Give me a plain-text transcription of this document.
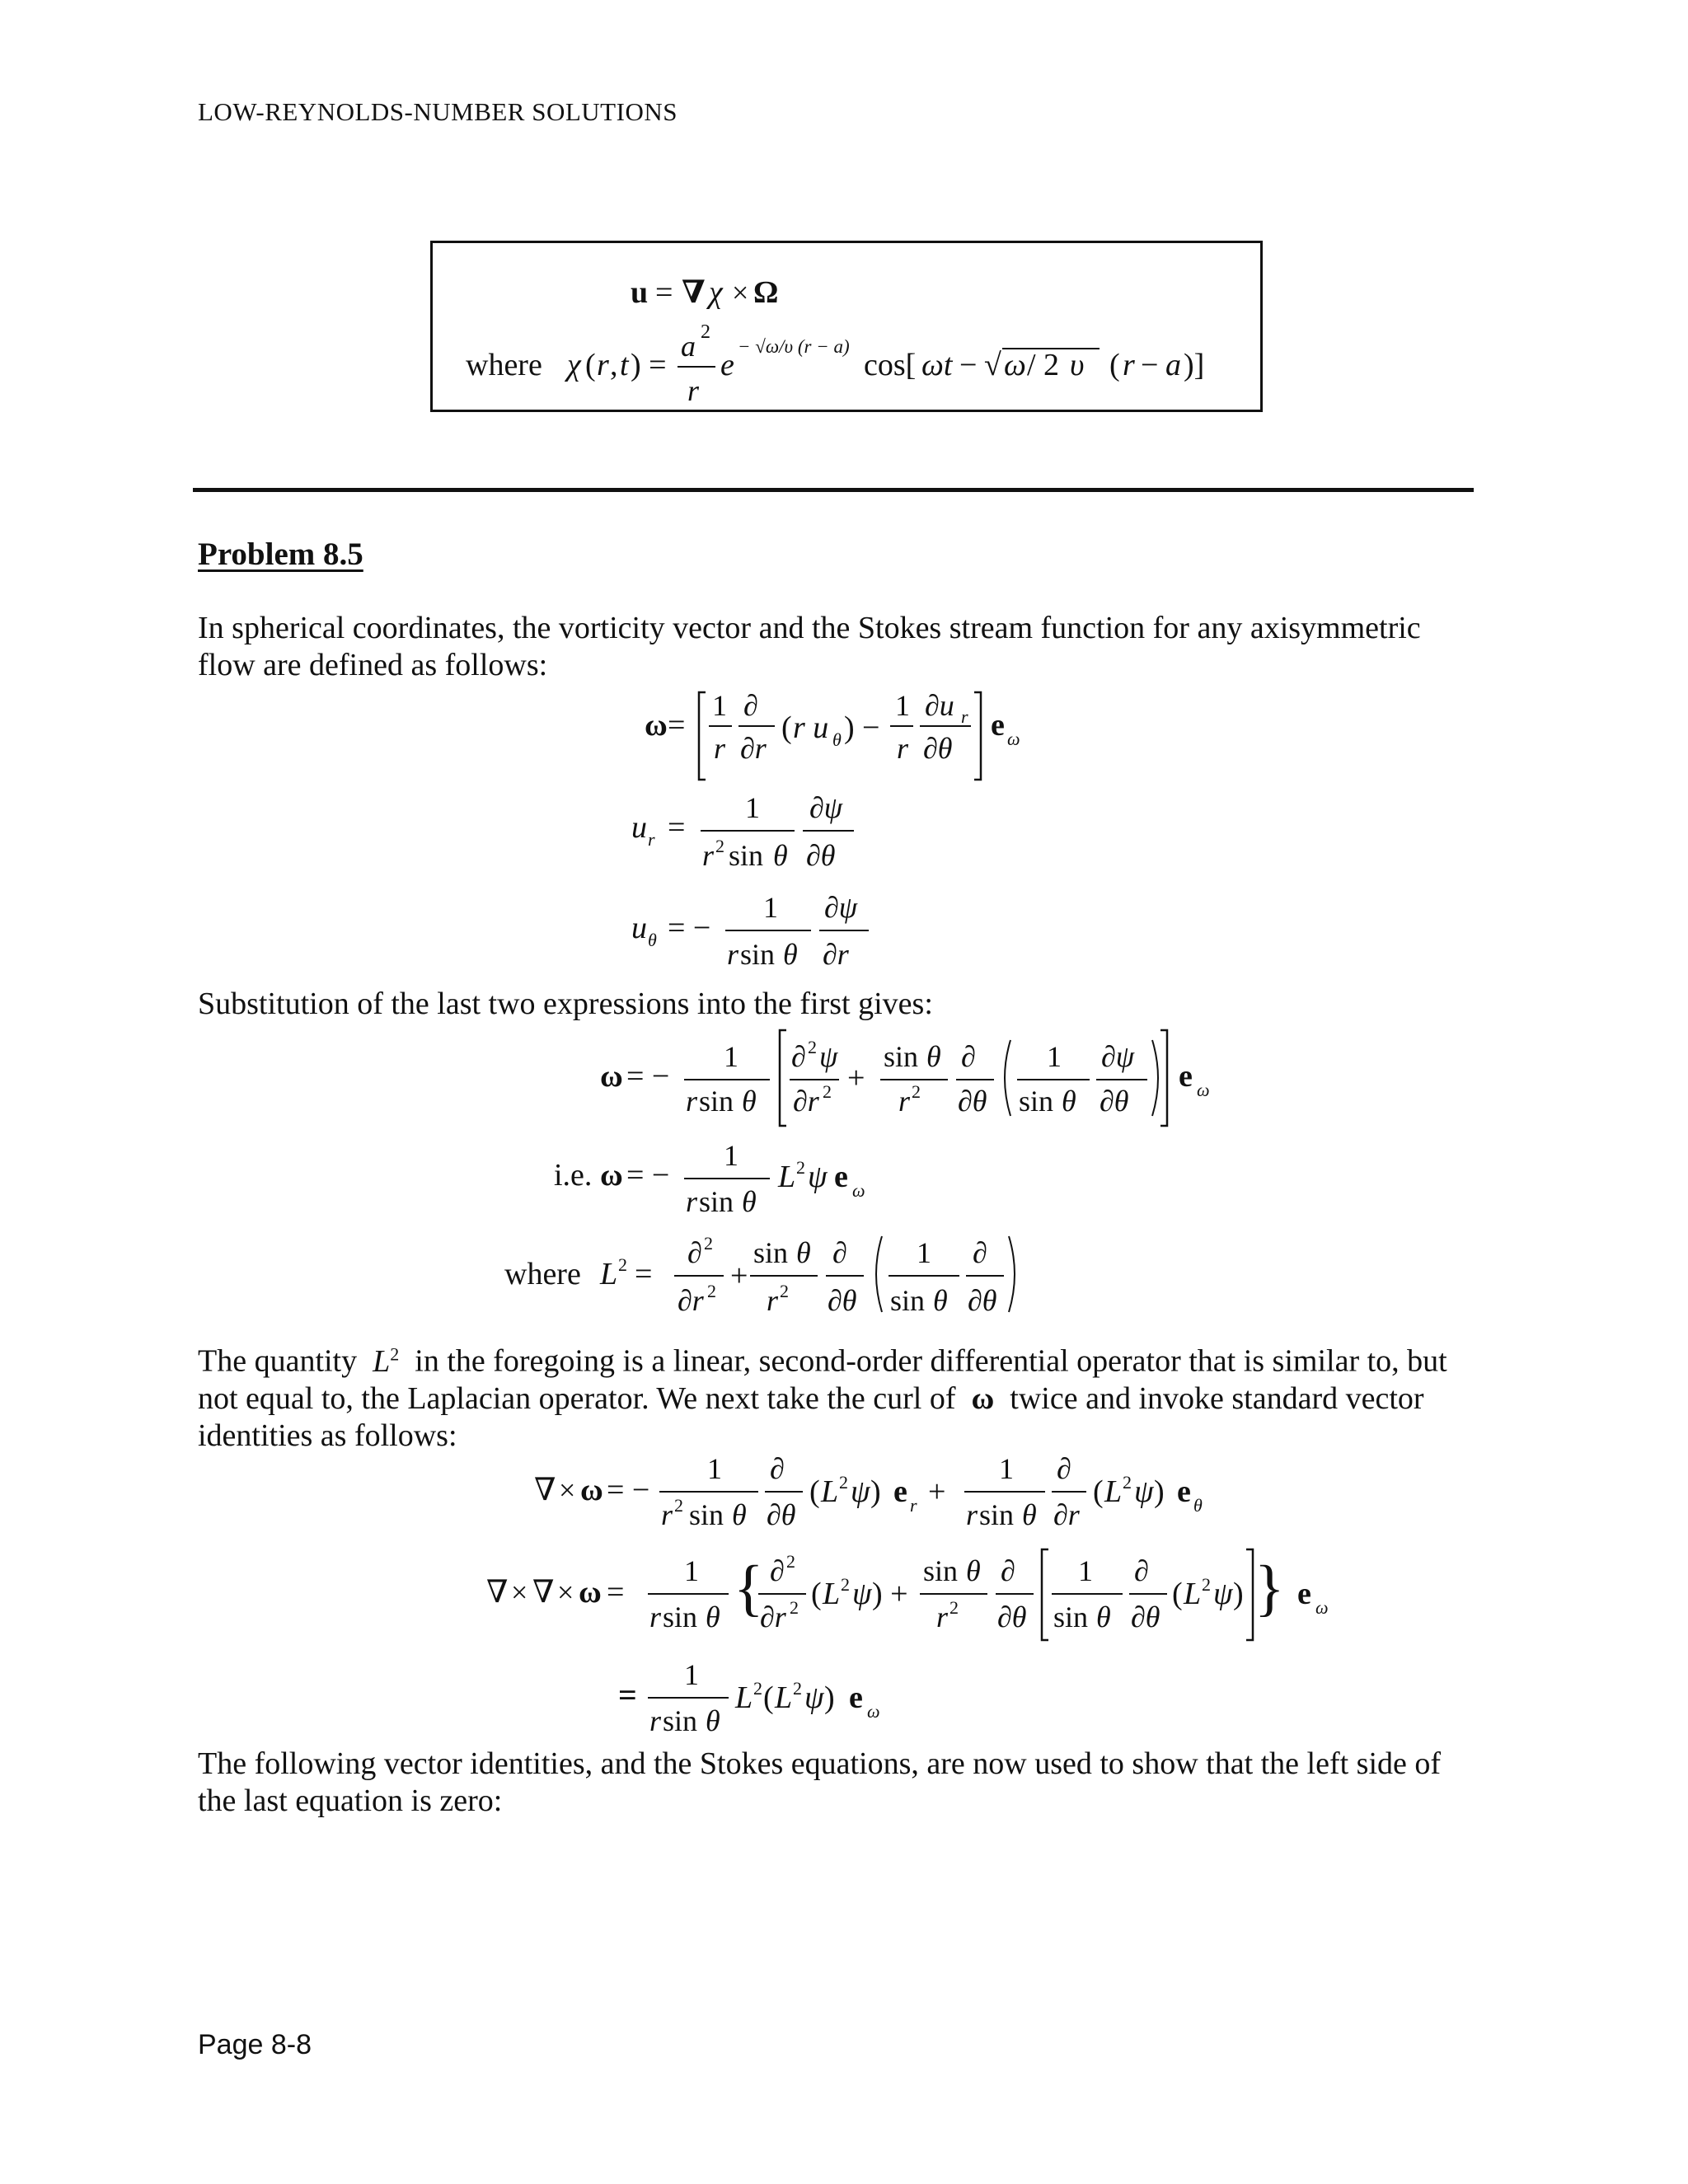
LOW-REYNOLDS-NUMBER SOLUTIONS
u = ∇ χ × Ω
where χ ( r , t ) =
a 2
r
e
− √ω/υ (r − a)
cos[ ωt − √ ω / 2 υ ( r − a )]
Problem 8.5
In spherical coordinates, the vorticity vector and the Stokes stream function for any axisymmetric flow are defined as follows:
ω =
1
r
∂
∂r
( r u θ ) −
1
r
∂u r
∂θ
e ω
u r =
1
r 2 sin θ
∂ψ
∂θ
u θ = −
1
r sin θ
∂ψ
∂r
Substitution of the last two expressions into the first gives:
ω = −
1
r sin θ
∂ 2 ψ
∂r 2 +
sin θ
r 2
∂
∂θ
1
sin θ
∂ψ
∂θ
e ω
i.e. ω = −
1
r sin θ
L 2 ψ e ω
where L 2 =
∂ 2
∂r 2 +
sin θ
r 2
∂
∂θ
1
sin θ
∂
∂θ
The quantity  $L^2$ in the foregoing is a linear, second-order differential operator that is similar to, but not equal to, the Laplacian operator. We next take the curl of  ω  twice and invoke standard vector identities as follows:
∇ × ω = −
1
r 2 sin θ
∂
∂θ
( L 2 ψ ) e r +
1
r sin θ
∂
∂r
( L 2 ψ ) e θ
∇ × ∇ × ω =
1
r sin θ { ∂ 2
∂r 2 ( L 2 ψ ) +
sin θ
r 2
∂
∂θ
1
sin θ
∂
∂θ
( L 2 ψ ) } e ω
=
1
r sin θ
L 2 ( L 2 ψ ) e ω
The following vector identities, and the Stokes equations, are now used to show that the left side of the last equation is zero:
Page 8-8
